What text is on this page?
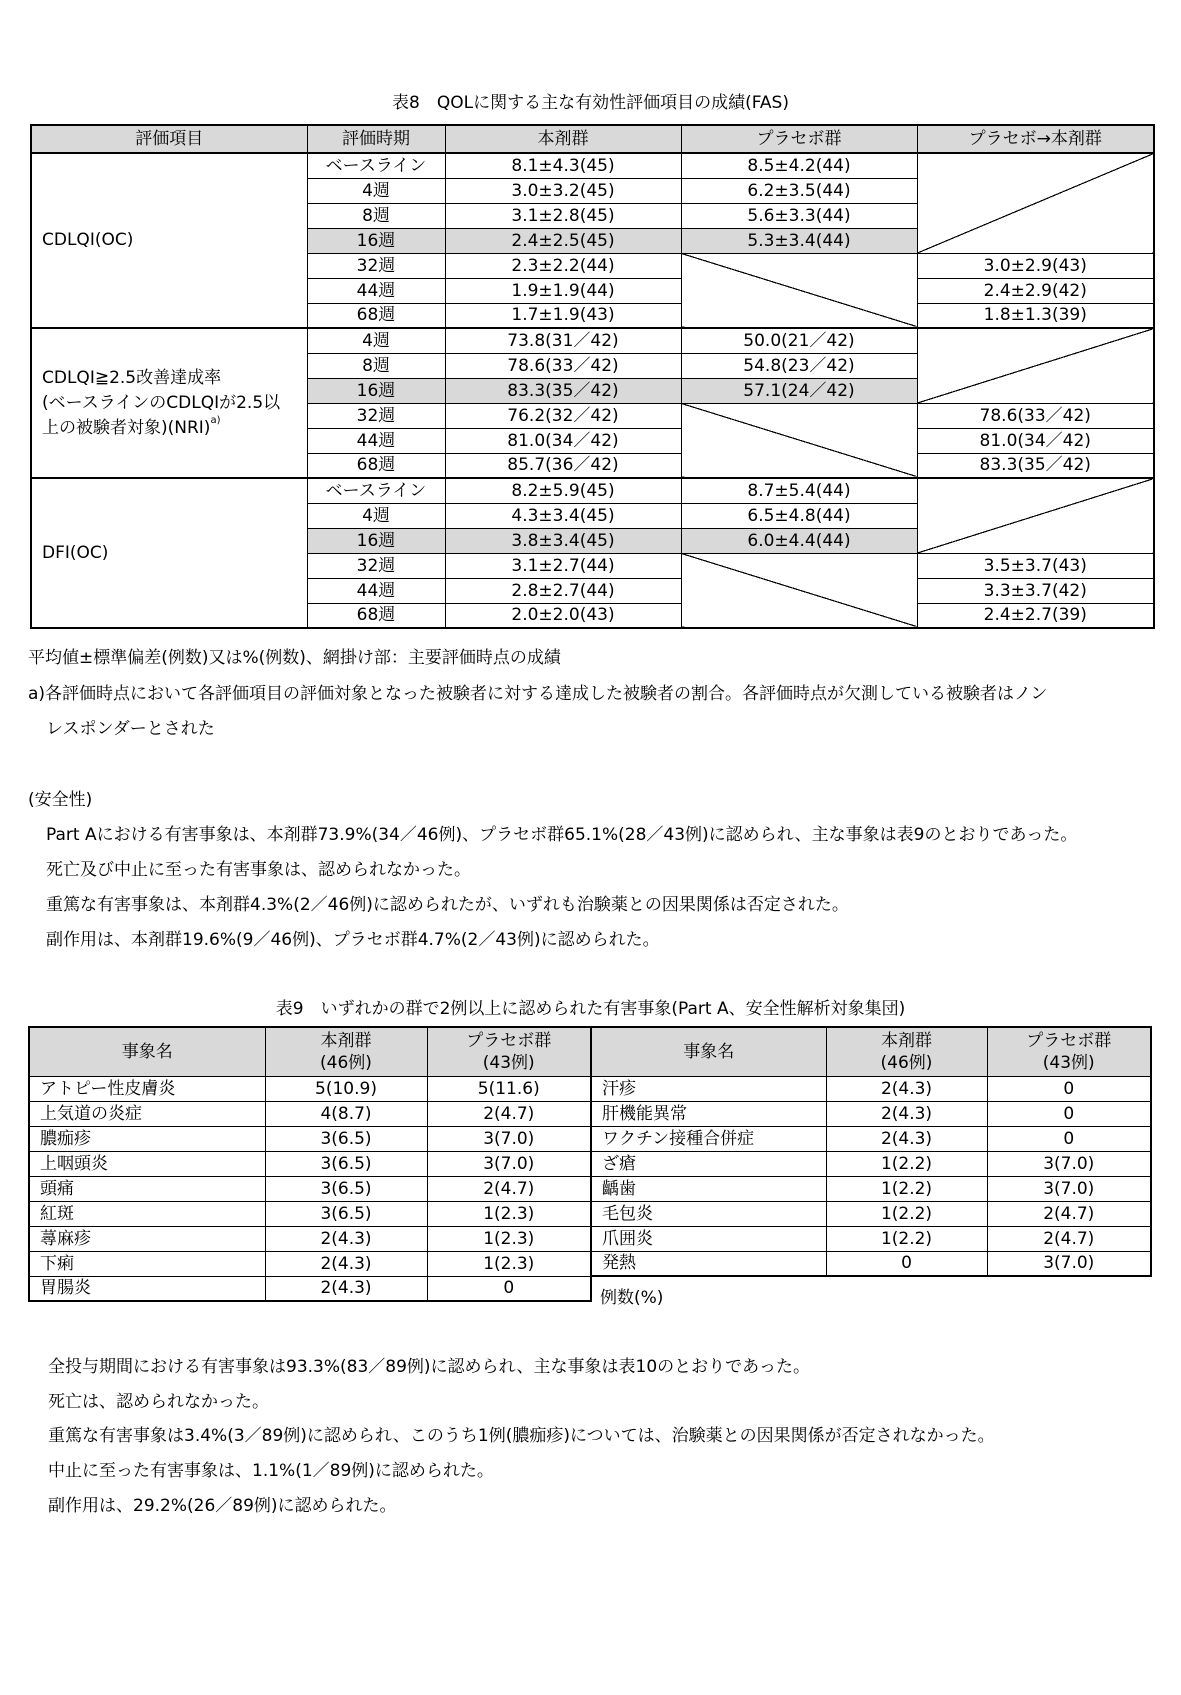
表8　QOLに関する主な有効性評価項目の成績(FAS)
評価項目	評価時期	本剤群	プラセボ群	プラセボ→本剤群
CDLQI(OC)	ベースライン	8.1±4.3(45)	8.5±4.2(44)	
	4週	3.0±3.2(45)	6.2±3.5(44)	
	8週	3.1±2.8(45)	5.6±3.3(44)	
	16週	2.4±2.5(45)	5.3±3.4(44)	
	32週	2.3±2.2(44)		3.0±2.9(43)
	44週	1.9±1.9(44)		2.4±2.9(42)
	68週	1.7±1.9(43)		1.8±1.3(39)
CDLQI≧2.5改善達成率
(ベースラインのCDLQIが2.5以
上の被験者対象)(NRI)$^{a)}$	4週	73.8(31／42)	50.0(21／42)	
	8週	78.6(33／42)	54.8(23／42)	
	16週	83.3(35／42)	57.1(24／42)	
	32週	76.2(32／42)		78.6(33／42)
	44週	81.0(34／42)		81.0(34／42)
	68週	85.7(36／42)		83.3(35／42)
DFI(OC)	ベースライン	8.2±5.9(45)	8.7±5.4(44)	
	4週	4.3±3.4(45)	6.5±4.8(44)	
	16週	3.8±3.4(45)	6.0±4.4(44)	
	32週	3.1±2.7(44)		3.5±3.7(43)
	44週	2.8±2.7(44)		3.3±3.7(42)
	68週	2.0±2.0(43)		2.4±2.7(39)
平均値±標準偏差(例数)又は%(例数)、網掛け部：主要評価時点の成績
a)各評価時点において各評価項目の評価対象となった被験者に対する達成した被験者の割合。各評価時点が欠測している被験者はノン
レスポンダーとされた
(安全性)
Part Aにおける有害事象は、本剤群73.9%(34／46例)、プラセボ群65.1%(28／43例)に認められ、主な事象は表9のとおりであった。
死亡及び中止に至った有害事象は、認められなかった。
重篤な有害事象は、本剤群4.3%(2／46例)に認められたが、いずれも治験薬との因果関係は否定された。
副作用は、本剤群19.6%(9／46例)、プラセボ群4.7%(2／43例)に認められた。
表9　いずれかの群で2例以上に認められた有害事象(Part A、安全性解析対象集団)
事象名	本剤群
(46例)	プラセボ群
(43例)
アトピー性皮膚炎	5(10.9)	5(11.6)
上気道の炎症	4(8.7)	2(4.7)
膿痂疹	3(6.5)	3(7.0)
上咽頭炎	3(6.5)	3(7.0)
頭痛	3(6.5)	2(4.7)
紅斑	3(6.5)	1(2.3)
蕁麻疹	2(4.3)	1(2.3)
下痢	2(4.3)	1(2.3)
胃腸炎	2(4.3)	0
事象名	本剤群
(46例)	プラセボ群
(43例)
汗疹	2(4.3)	0
肝機能異常	2(4.3)	0
ワクチン接種合併症	2(4.3)	0
ざ瘡	1(2.2)	3(7.0)
齲歯	1(2.2)	3(7.0)
毛包炎	1(2.2)	2(4.7)
爪囲炎	1(2.2)	2(4.7)
発熱	0	3(7.0)
例数(%)
全投与期間における有害事象は93.3%(83／89例)に認められ、主な事象は表10のとおりであった。
死亡は、認められなかった。
重篤な有害事象は3.4%(3／89例)に認められ、このうち1例(膿痂疹)については、治験薬との因果関係が否定されなかった。
中止に至った有害事象は、1.1%(1／89例)に認められた。
副作用は、29.2%(26／89例)に認められた。
